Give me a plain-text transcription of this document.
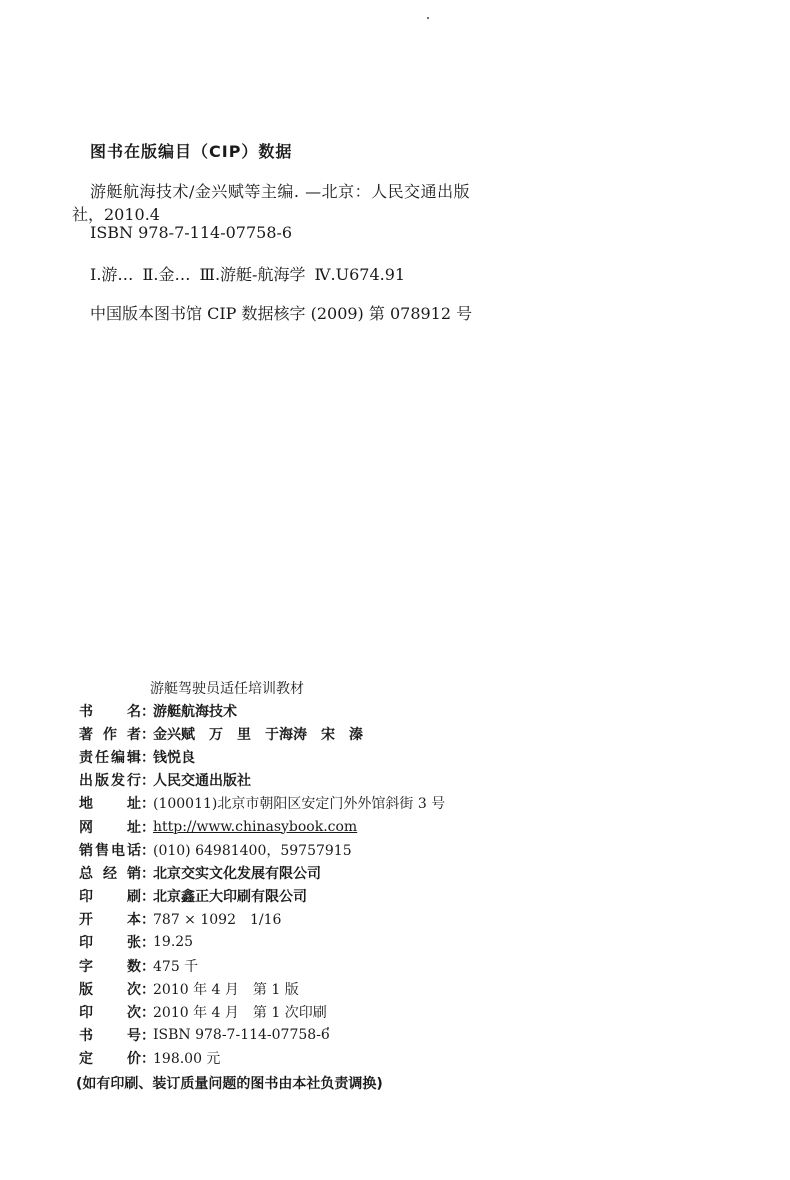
图书在版编目（CIP）数据
游艇航海技术/金兴赋等主编. —北京：人民交通出版
社，2010.4
ISBN 978-7-114-07758-6
Ⅰ.游… Ⅱ.金… Ⅲ.游艇-航海学 Ⅳ.U674.91
中国版本图书馆 CIP 数据核字 (2009) 第 078912 号
游艇驾驶员适任培训教材
书 名 ：
游艇航海技术
著 作 者 ：
金兴赋　万　里　于海涛　宋　溱
责 任 编 辑 ：
钱悦良
出 版 发 行 ：
人民交通出版社
地 址 ：
(100011)北京市朝阳区安定门外外馆斜街 3 号
网 址 ：
http://www.chinasybook.com
销 售 电 话 ：
(010) 64981400，59757915
总 经 销 ：
北京交实文化发展有限公司
印 刷 ：
北京鑫正大印刷有限公司
开 本 ：
787 × 1092　1/16
印 张 ：
19.25
字 数 ：
475 千
版 次 ：
2010 年 4 月　第 1 版
印 次 ：
2010 年 4 月　第 1 次印刷
书 号 ：
ISBN 978-7-114-07758-6
定 价 ：
198.00 元
(如有印刷、装订质量问题的图书由本社负责调换)
